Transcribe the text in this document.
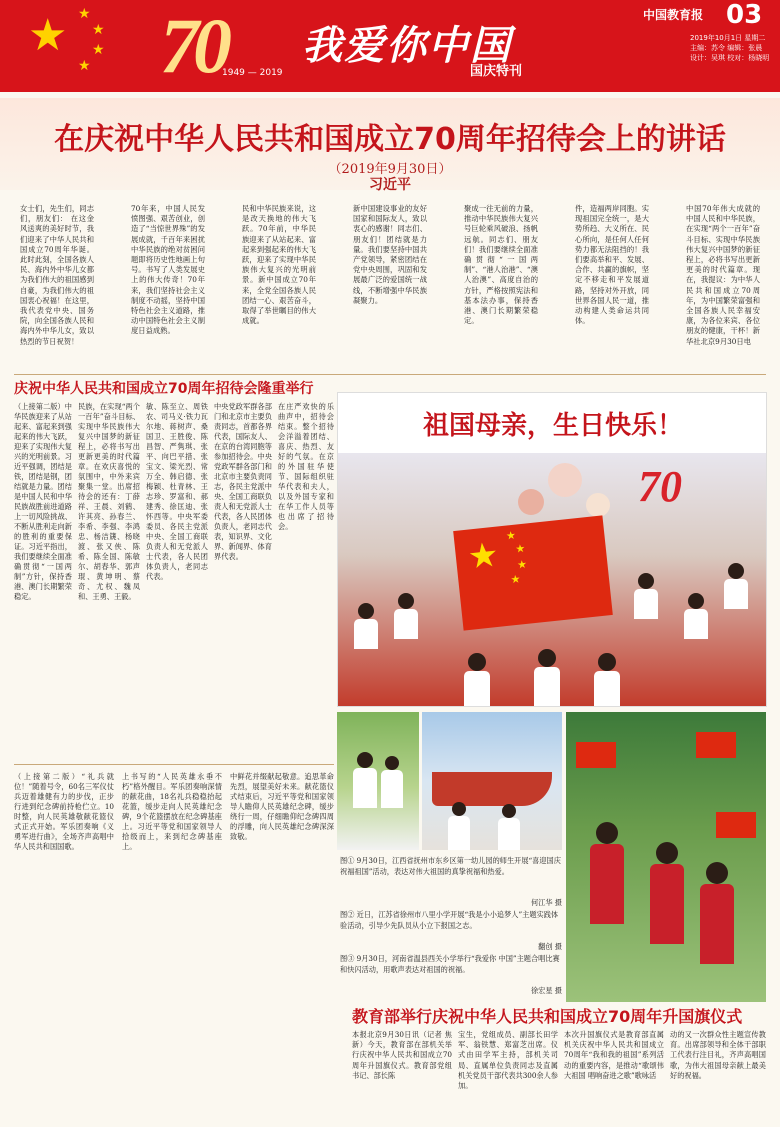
★ ★
★
★
★ 70
1949 — 2019
我爱你中国
国庆特刊
中国教育报 03
2019年10月1日 星期二
主编：苏令 编辑：张晨
设计：吴琪 校对：杨晓明
在庆祝中华人民共和国成立70周年招待会上的讲话
（2019年9月30日）
习近平
女士们，先生们，同志们，朋友们： 在这金风送爽的美好时节，我们迎来了中华人民共和国成立70周年华诞。此时此刻，全国各族人民、海内外中华儿女都为我们伟大的祖国感到自豪，为我们伟大的祖国衷心祝福！在这里，我代表党中央、国务院，向全国各族人民和海内外中华儿女，致以热烈的节日祝贺！
70年来，中国人民发愤图强、艰苦创业，创造了“当惊世界殊”的发展成就，千百年来困扰中华民族的绝对贫困问题即将历史性地画上句号。书写了人类发展史上的伟大传奇！70年来，我们坚持社会主义制度不动摇，坚持中国特色社会主义道路，推动中国特色社会主义制度日益成熟。
民和中华民族来说，这是改天换地的伟大飞跃。70年前，中华民族迎来了从站起来、富起来到强起来的伟大飞跃，迎来了实现中华民族伟大复兴的光明前景。新中国成立70年来，全党全国各族人民团结一心、艰苦奋斗，取得了举世瞩目的伟大成就。
新中国建设事业的友好国家和国际友人，致以衷心的感谢！同志们、朋友们！团结就是力量。我们要坚持中国共产党领导，紧密团结在党中央周围，巩固和发展最广泛的爱国统一战线，不断增强中华民族凝聚力。
聚成一往无前的力量，推动中华民族伟大复兴号巨轮乘风破浪、扬帆远航。同志们、朋友们！我们要继续全面准确贯彻“一国两制”、“港人治港”、“澳人治澳”、高度自治的方针，严格按照宪法和基本法办事，保持香港、澳门长期繁荣稳定。
件，造福两岸同胞。实现祖国完全统一，是大势所趋、大义所在、民心所向，是任何人任何势力都无法阻挡的！我们要高举和平、发展、合作、共赢的旗帜，坚定不移走和平发展道路，坚持对外开放，同世界各国人民一道，推动构建人类命运共同体。
中国70年伟大成就的中国人民和中华民族，在实现“两个一百年”奋斗目标、实现中华民族伟大复兴中国梦的新征程上，必将书写出更新更美的时代篇章。现在，我提议：为中华人民共和国成立70周年，为中国繁荣富强和全国各族人民幸福安康，为各位来宾、各位朋友的健康，干杯！新华社北京9月30日电
庆祝中华人民共和国成立70周年招待会隆重举行
（上接第二版）中华民族迎来了从站起来、富起来到强起来的伟大飞跃，迎来了实现伟大复兴的光明前景。习近平强调，团结是铁，团结是钢，团结就是力量。团结是中国人民和中华民族战胜前进道路上一切风险挑战、不断从胜利走向新的胜利的重要保证。习近平指出，我们要继续全面准确贯彻“一国两制”方针，保持香港、澳门长期繁荣稳定。
民族，在实现“两个一百年”奋斗目标、实现中华民族伟大复兴中国梦的新征程上，必将书写出更新更美的时代篇章。在欢庆喜悦的氛围中，中外来宾聚集一堂。出席招待会的还有：丁薛祥、王晨、刘鹤、许其亮、孙春兰、李希、李强、李鸿忠、杨洁篪、杨晓渡、张又侠、陈希、陈全国、陈敏尔、胡春华、郭声琨、黄坤明、蔡奇、尤权、魏凤和、王勇、王毅。
敏、陈至立、周铁农、司马义·铁力瓦尔地、蒋树声、桑国卫、王胜俊、陈昌智、严隽琪、张平、向巴平措、张宝文、梁光烈、常万全、韩启德、张梅颖、杜青林、王志珍、罗富和、郝建秀、徐匡迪、张怀西等。中央军委委员、各民主党派中央、全国工商联负责人和无党派人士代表，各人民团体负责人，老同志代表。
中央党政军群各部门和北京市主要负责同志，首都各界代表，国际友人、在京的台湾同胞等参加招待会。中央党政军群各部门和北京市主要负责同志，各民主党派中央、全国工商联负责人和无党派人士代表，各人民团体负责人，老同志代表，知识界、文化界、新闻界、体育界代表。
在庄严欢快的乐曲声中，招待会结束。整个招待会洋溢着团结、喜庆、热烈、友好的气氛。在京的外国驻华使节、国际组织驻华代表和夫人，以及外国专家和在华工作人员等也出席了招待会。
（上接第二版）“礼兵就位！”随着号令，60名三军仪仗兵迈着雄健有力的步伐，正步行进到纪念碑前持枪伫立。10时整，向人民英雄敬献花篮仪式正式开始。军乐团奏响《义勇军进行曲》，全场齐声高唱中华人民共和国国歌。
上书写的“人民英雄永垂不朽”格外醒目。军乐团奏响深情的献花曲，18名礼兵稳稳抬起花篮，缓步走向人民英雄纪念碑，9个花篮摆放在纪念碑基座上。习近平等党和国家领导人拾级而上，来到纪念碑基座上。
中鲜花并缀献起敬意。追思革命先烈，展望美好未来。献花篮仪式结束后，习近平等党和国家领导人瞻仰人民英雄纪念碑，缓步绕行一周，仔细瞻仰纪念碑四周的浮雕，向人民英雄纪念碑深深致敬。
祖国母亲，生日快乐！
70
★ ★
★
★
★
图① 9月30日，江西省抚州市东乡区第一幼儿园的师生开展“喜迎国庆 祝福祖国”活动，表达对伟大祖国的真挚祝福和热爱。
何江华 摄
图② 近日，江苏省徐州市八里小学开展“我是小小追梦人”主题实践体验活动，引导少先队员从小立下报国之志。
翻创 摄
图③ 9月30日，河南省温县西关小学举行“我爱你 中国”主题合唱比赛和快闪活动，用歌声表达对祖国的祝福。
徐宏星 摄
教育部举行庆祝中华人民共和国成立70周年升国旗仪式
本报北京9月30日讯（记者 焦新）今天，教育部在部机关举行庆祝中华人民共和国成立70周年升国旗仪式。教育部党组书记、部长陈
宝生，党组成员、副部长田学军、翁铁慧、郑富芝出席。仪式由田学军主持，部机关司局、直属单位负责同志及直属机关党员干部代表共300余人参加。
本次升国旗仪式是教育部直属机关庆祝中华人民共和国成立70周年“我和我的祖国”系列活动的重要内容，是推动“歌颂伟大祖国 唱响奋进之歌”歌咏活
动的又一次群众性主题宣传教育。出席部领导和全体干部职工代表行注目礼，齐声高唱国歌，为伟大祖国母亲献上最美好的祝福。
